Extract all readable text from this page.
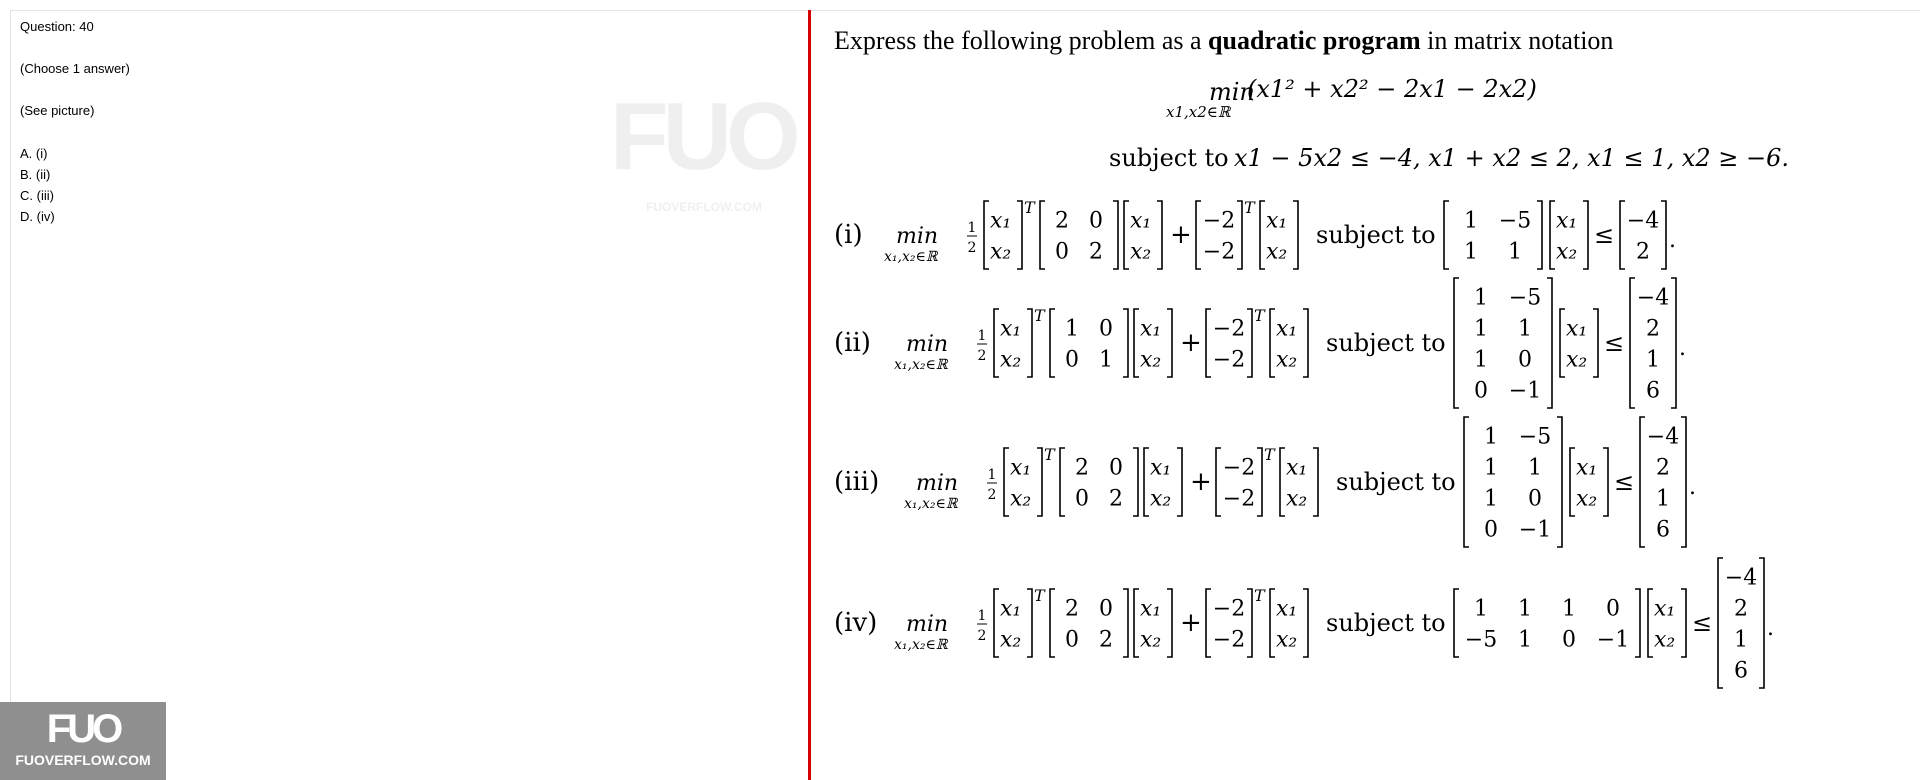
Question: 40
(Choose 1 answer)
(See picture)
A. (i)
B. (ii)
C. (iii)
D. (iv)
FUO
FUOVERFLOW.COM
FUO
FUOVERFLOW.COM
Express the following problem as a quadratic program in matrix notation
min
x1,x2∈ℝ
(x1² + x2² − 2x1 − 2x2)
subject to x1 − 5x2 ≤ −4, x1 + x2 ≤ 2, x1 ≤ 1, x2 ≥ −6.
(i) min
x₁,x₂∈ℝ
1
2
x₁
x₂
T
2 0
0 2
x₁
x₂
+ −2
−2
T
x₁
x₂
subject to 1 −5
1 1
x₁
x₂
≤ −4
2 .
(ii) min
x₁,x₂∈ℝ
1
2
x₁
x₂
T
1 0
0 1
x₁
x₂
+ −2
−2
T
x₁
x₂
subject to
1 −5
1 1
1 0
0 −1
x₁
x₂
≤
−4
2
1
6
.
(iii) min
x₁,x₂∈ℝ
1
2
x₁
x₂
T
2 0
0 2
x₁
x₂
+ −2
−2
T
x₁
x₂
subject to
1 −5
1 1
1 0
0 −1
x₁
x₂
≤
−4
2
1
6
.
(iv) min
x₁,x₂∈ℝ
1
2
x₁
x₂
T
2 0
0 2
x₁
x₂
+ −2
−2
T
x₁
x₂
subject to 1 1 1 0
−5 1 0 −1
x₁
x₂
≤
−4
2
1
6
.
